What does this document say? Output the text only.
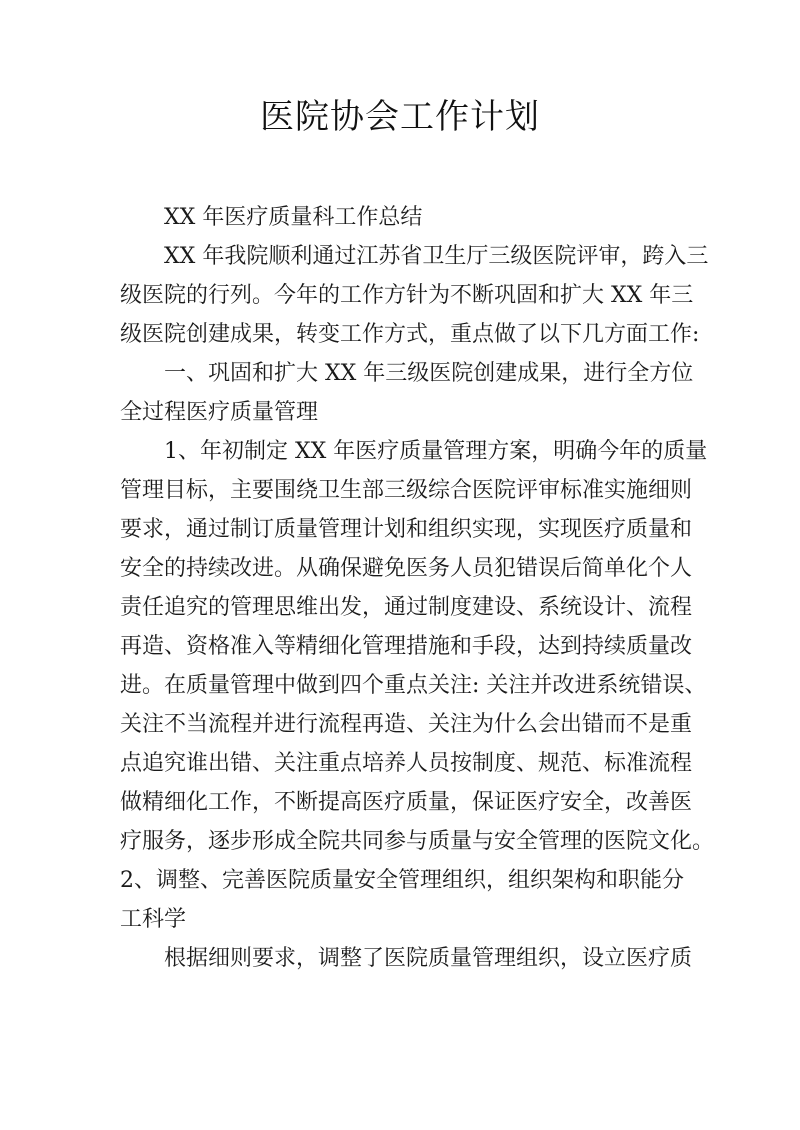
医院协会工作计划
XX 年医疗质量科工作总结
XX 年我院顺利通过江苏省卫生厅三级医院评审，跨入三
级医院的行列。今年的工作方针为不断巩固和扩大 XX 年三
级医院创建成果，转变工作方式，重点做了以下几方面工作:
一、巩固和扩大 XX 年三级医院创建成果，进行全方位
全过程医疗质量管理
1、年初制定 XX 年医疗质量管理方案，明确今年的质量
管理目标，主要围绕卫生部三级综合医院评审标准实施细则
要求，通过制订质量管理计划和组织实现，实现医疗质量和
安全的持续改进。从确保避免医务人员犯错误后简单化个人
责任追究的管理思维出发，通过制度建设、系统设计、流程
再造、资格准入等精细化管理措施和手段，达到持续质量改
进。在质量管理中做到四个重点关注: 关注并改进系统错误、
关注不当流程并进行流程再造、关注为什么会出错而不是重
点追究谁出错、关注重点培养人员按制度、规范、标准流程
做精细化工作，不断提高医疗质量，保证医疗安全，改善医
疗服务，逐步形成全院共同参与质量与安全管理的医院文化。
2、调整、完善医院质量安全管理组织，组织架构和职能分
工科学
根据细则要求，调整了医院质量管理组织，设立医疗质
